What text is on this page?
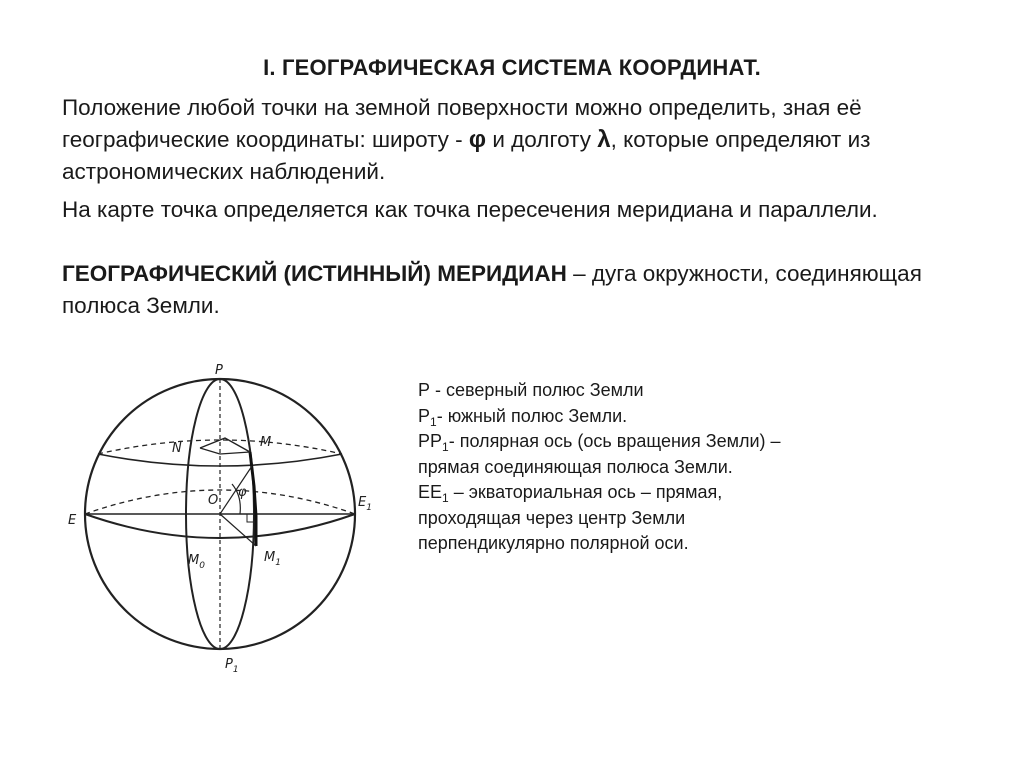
I. ГЕОГРАФИЧЕСКАЯ СИСТЕМА КООРДИНАТ.
Положение любой точки на земной поверхности можно определить, зная её географические координаты: широту - φ и долготу λ, которые определяют из астрономических наблюдений.
На карте точка определяется как точка пересечения меридиана и параллели.
ГЕОГРАФИЧЕСКИЙ (ИСТИННЫЙ) МЕРИДИАН – дуга окружности, соединяющая полюса Земли.
P
$P_1$
N	M
O
φ
E
$E_1$
$M_0$
$M_1$
Р - северный полюс Земли
$Р_1-$ южный полюс Земли.
$РР_1-$ полярная ось (ось вращения Земли) –
прямая соединяющая полюса Земли.
$ЕЕ_1$ – экваториальная ось – прямая,
проходящая через центр Земли
перпендикулярно полярной оси.
